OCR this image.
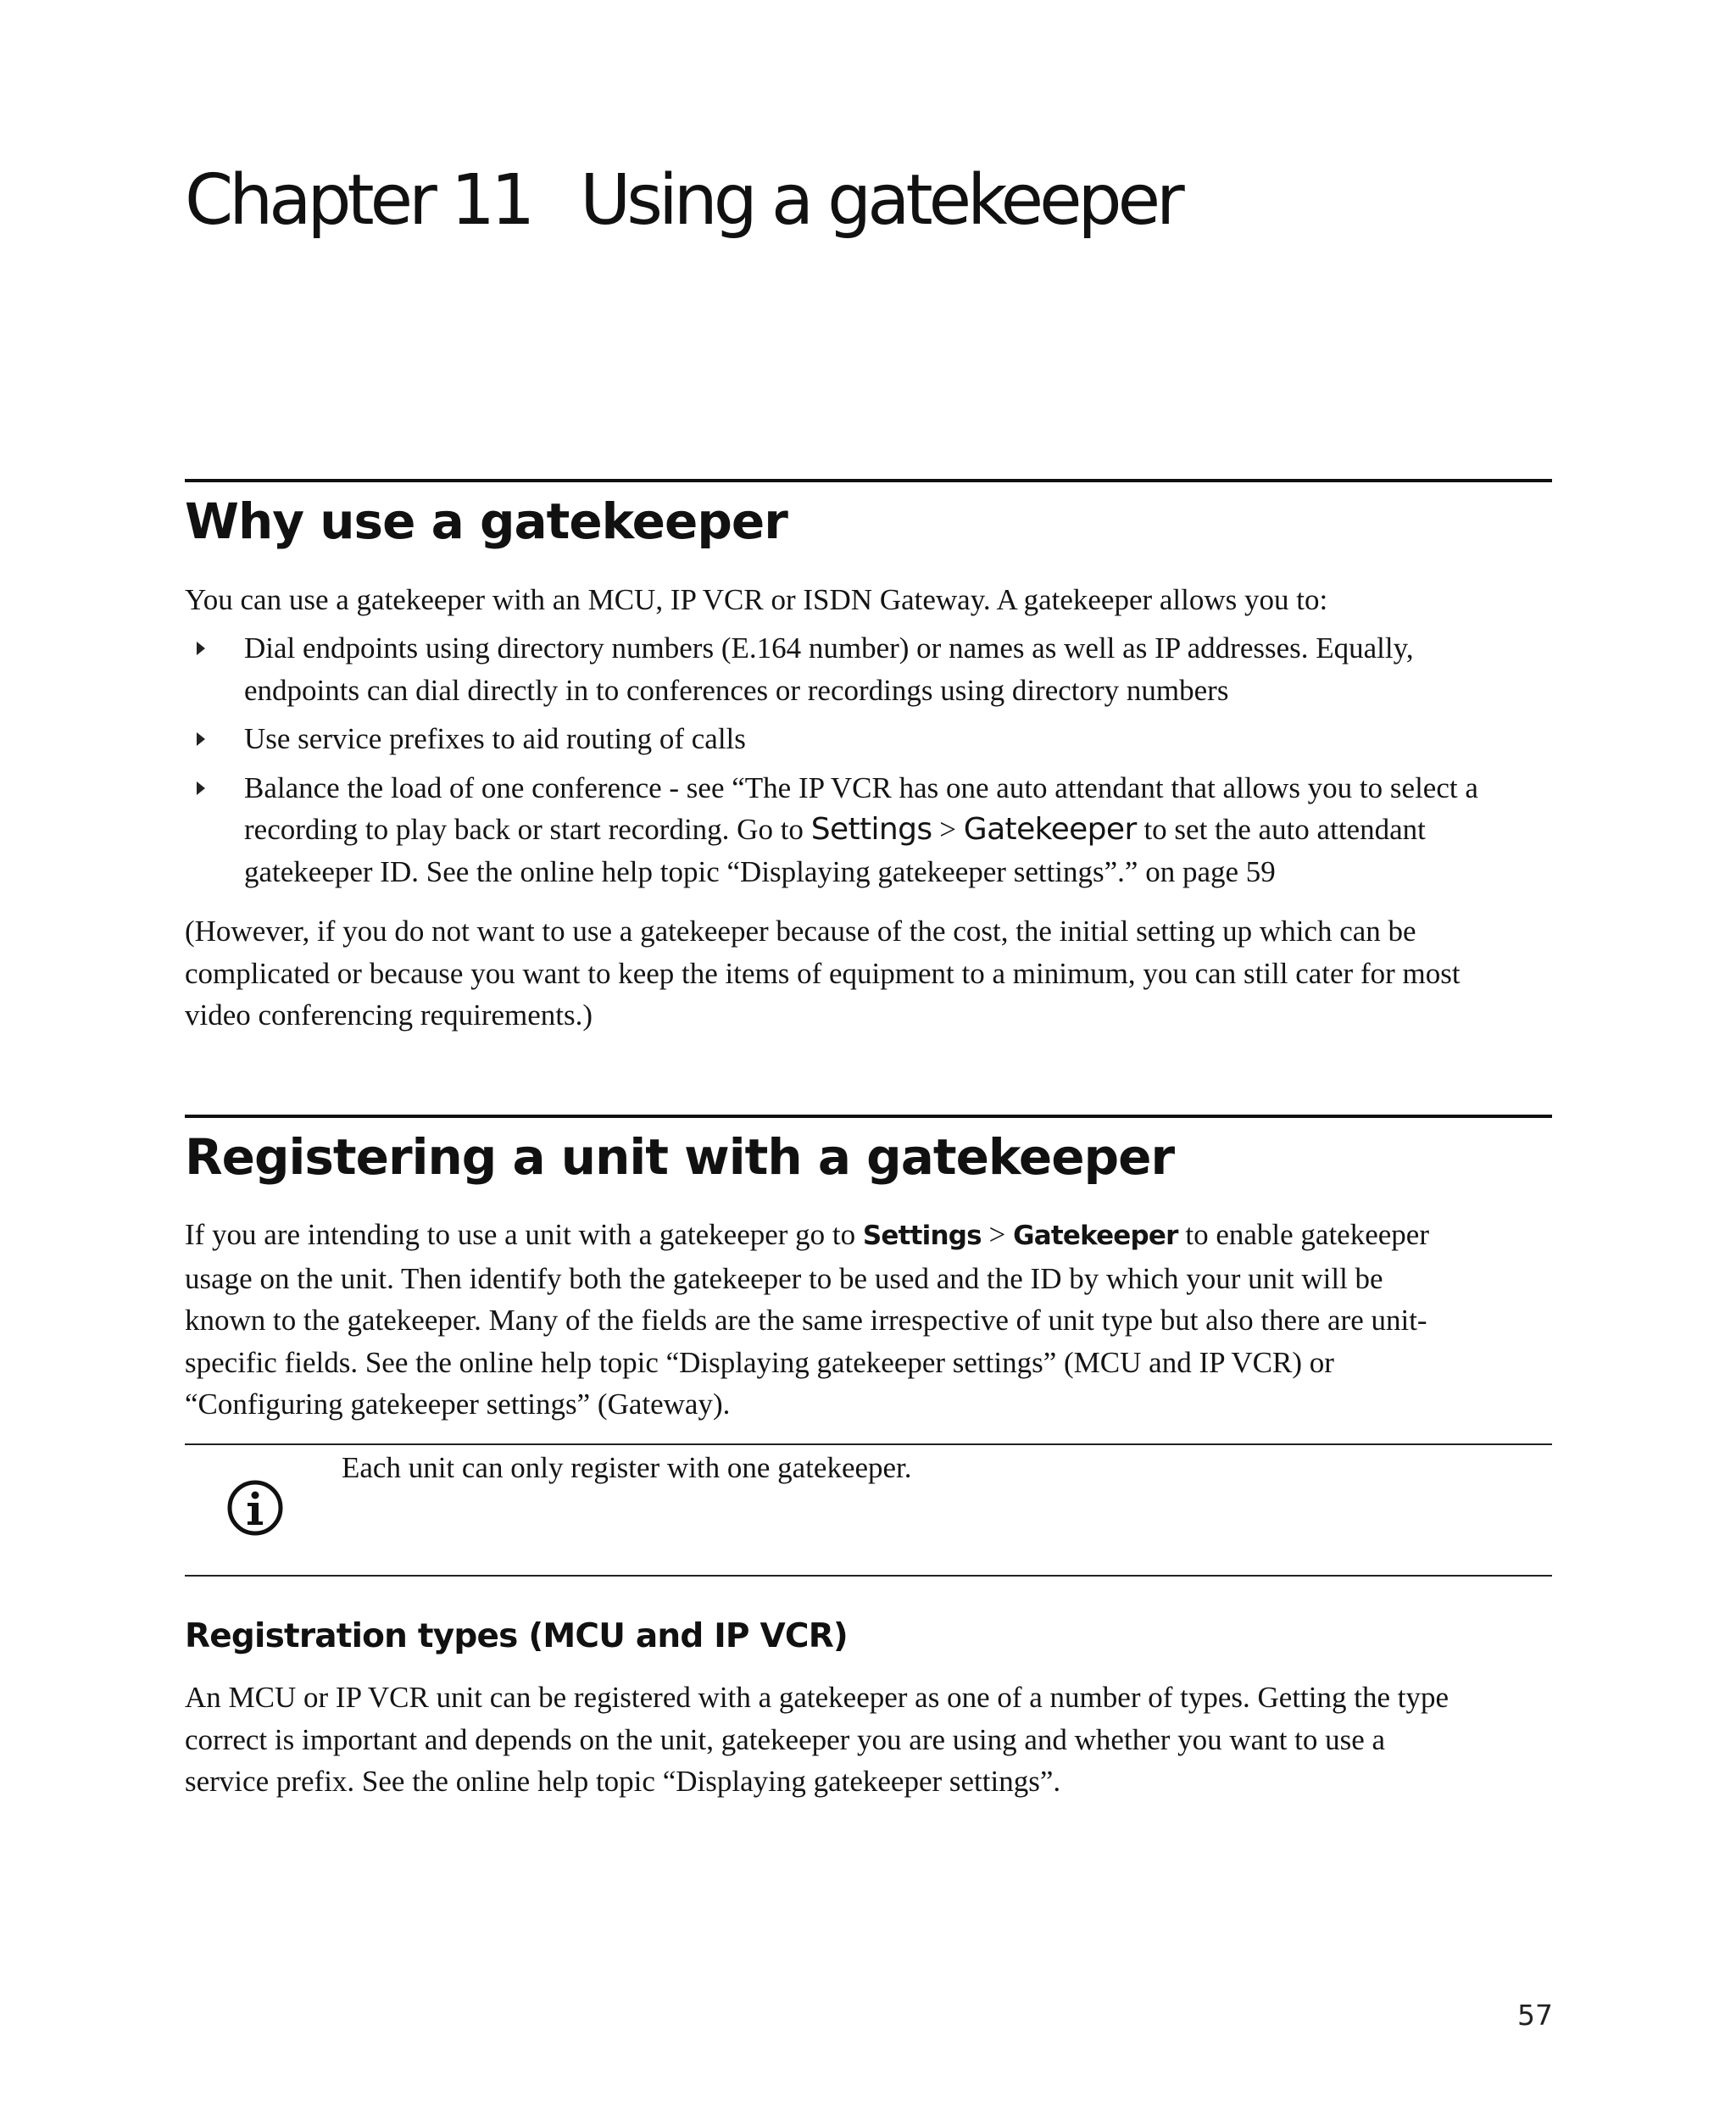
Chapter 11 Using a gatekeeper
Why use a gatekeeper

You can use a gatekeeper with an MCU, IP VCR or ISDN Gateway. A gatekeeper allows you to:

Dial endpoints using directory numbers (E.164 number) or names as well as IP addresses. Equally,
endpoints can dial directly in to conferences or recordings using directory numbers
Use service prefixes to aid routing of calls
Balance the load of one conference - see “The IP VCR has one auto attendant that allows you to select a
recording to play back or start recording. Go to Settings > Gatekeeper to set the auto attendant
gatekeeper ID. See the online help topic “Displaying gatekeeper settings”.” on page 59

(However, if you do not want to use a gatekeeper because of the cost, the initial setting up which can be
complicated or because you want to keep the items of equipment to a minimum, you can still cater for most
video conferencing requirements.)

Registering a unit with a gatekeeper

If you are intending to use a unit with a gatekeeper go to Settings > Gatekeeper to enable gatekeeper
usage on the unit. Then identify both the gatekeeper to be used and the ID by which your unit will be
known to the gatekeeper. Many of the fields are the same irrespective of unit type but also there are unit-
specific fields. See the online help topic “Displaying gatekeeper settings” (MCU and IP VCR) or
“Configuring gatekeeper settings” (Gateway).

Each unit can only register with one gatekeeper.

Registration types (MCU and IP VCR)

An MCU or IP VCR unit can be registered with a gatekeeper as one of a number of types. Getting the type
correct is important and depends on the unit, gatekeeper you are using and whether you want to use a
service prefix. See the online help topic “Displaying gatekeeper settings”.

57
